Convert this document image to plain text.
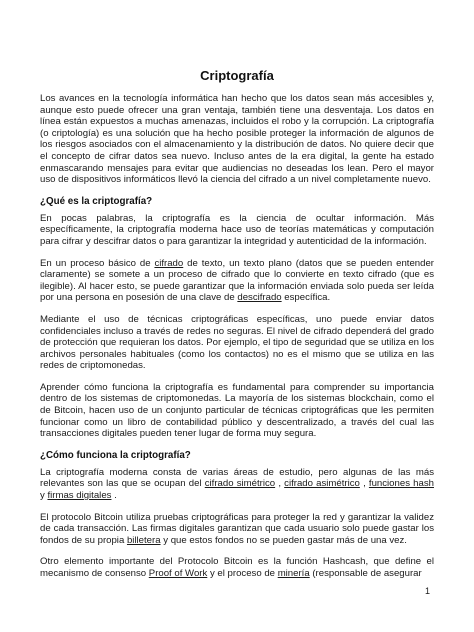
Criptografía

Los avances en la tecnología informática han hecho que los datos sean más accesibles y, aunque esto puede ofrecer una gran ventaja, también tiene una desventaja. Los datos en línea están expuestos a muchas amenazas, incluidos el robo y la corrupción. La criptografía (o criptología) es una solución que ha hecho posible proteger la información de algunos de los riesgos asociados con el almacenamiento y la distribución de datos. No quiere decir que el concepto de cifrar datos sea nuevo. Incluso antes de la era digital, la gente ha estado enmascarando mensajes para evitar que audiencias no deseadas los lean. Pero el mayor uso de dispositivos informáticos llevó la ciencia del cifrado a un nivel completamente nuevo.

¿Qué es la criptografía?

En pocas palabras, la criptografía es la ciencia de ocultar información. Más específicamente, la criptografía moderna hace uso de teorías matemáticas y computación para cifrar y descifrar datos o para garantizar la integridad y autenticidad de la información.

En un proceso básico de cifrado de texto, un texto plano (datos que se pueden entender claramente) se somete a un proceso de cifrado que lo convierte en texto cifrado (que es ilegible). Al hacer esto, se puede garantizar que la información enviada solo pueda ser leída por una persona en posesión de una clave de descifrado específica.

Mediante el uso de técnicas criptográficas específicas, uno puede enviar datos confidenciales incluso a través de redes no seguras. El nivel de cifrado dependerá del grado de protección que requieran los datos. Por ejemplo, el tipo de seguridad que se utiliza en los archivos personales habituales (como los contactos) no es el mismo que se utiliza en las redes de criptomonedas.

Aprender cómo funciona la criptografía es fundamental para comprender su importancia dentro de los sistemas de criptomonedas. La mayoría de los sistemas blockchain, como el de Bitcoin, hacen uso de un conjunto particular de técnicas criptográficas que les permiten funcionar como un libro de contabilidad público y descentralizado, a través del cual las transacciones digitales pueden tener lugar de forma muy segura.

¿Cómo funciona la criptografía?

La criptografía moderna consta de varias áreas de estudio, pero algunas de las más relevantes son las que se ocupan del cifrado simétrico , cifrado asimétrico , funciones hash y firmas digitales .

El protocolo Bitcoin utiliza pruebas criptográficas para proteger la red y garantizar la validez de cada transacción. Las firmas digitales garantizan que cada usuario solo puede gastar los fondos de su propia billetera y que estos fondos no se pueden gastar más de una vez.

Otro elemento importante del Protocolo Bitcoin es la función Hashcash, que define el mecanismo de consenso Proof of Work y el proceso de minería (responsable de asegurar

1
